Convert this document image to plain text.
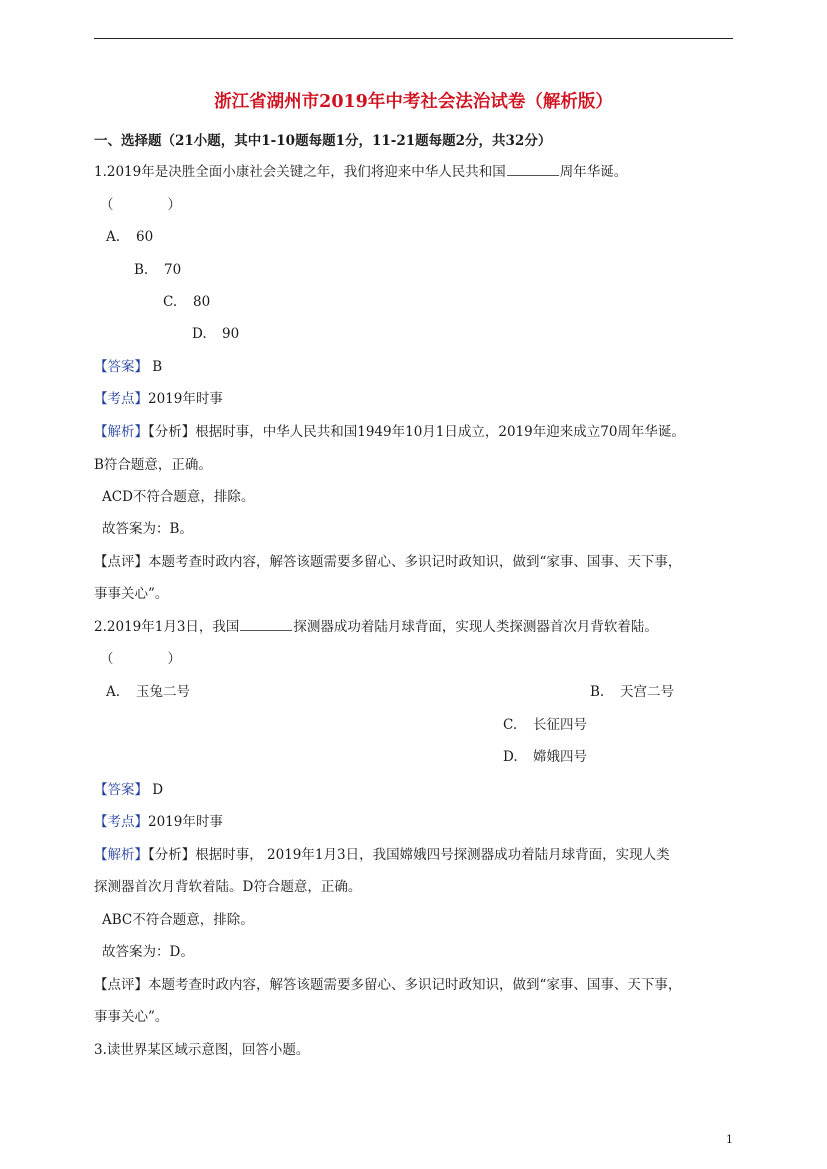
浙江省湖州市2019年中考社会法治试卷（解析版）
一、选择题（21小题，其中1-10题每题1分，11-21题每题2分，共32分）
1.2019年是决胜全面小康社会关键之年，我们将迎来中华人民共和国	周年华诞。
（　　　　）
A. 60
B. 70
C. 80
D. 90
【答案】 B
【考点】2019年时事
【解析】【分析】根据时事，中华人民共和国1949年10月1日成立，2019年迎来成立70周年华诞。
B符合题意，正确。
ACD不符合题意，排除。
故答案为：B。
【点评】本题考查时政内容，解答该题需要多留心、多识记时政知识，做到“家事、国事、天下事，
事事关心”。
2.2019年1月3日，我国	探测器成功着陆月球背面，实现人类探测器首次月背软着陆。
（　　　　）
A. 玉兔二号	B. 天宫二号
C. 长征四号
D. 嫦娥四号
【答案】 D
【考点】2019年时事
【解析】【分析】根据时事， 2019年1月3日，我国嫦娥四号探测器成功着陆月球背面，实现人类
探测器首次月背软着陆。D符合题意，正确。
ABC不符合题意，排除。
故答案为：D。
【点评】本题考查时政内容，解答该题需要多留心、多识记时政知识，做到“家事、国事、天下事，
事事关心”。
3.读世界某区域示意图，回答小题。
1
